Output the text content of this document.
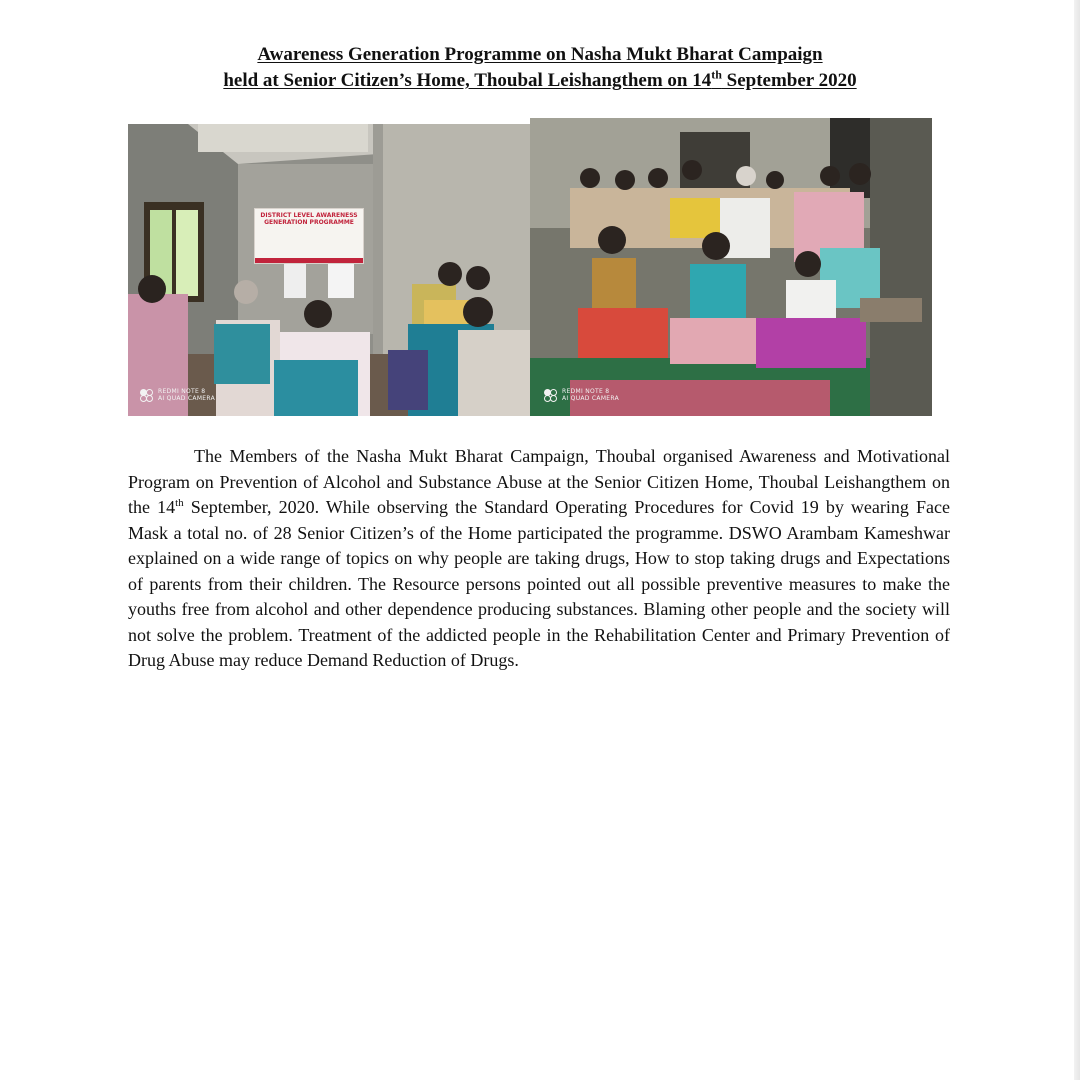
Awareness Generation Programme on Nasha Mukt Bharat Campaign
held at Senior Citizen’s Home, Thoubal Leishangthem on 14th September 2020
DISTRICT LEVEL AWARENESS
GENERATION PROGRAMME
REDMI NOTE 8
AI QUAD CAMERA
REDMI NOTE 8
AI QUAD CAMERA

The Members of the Nasha Mukt Bharat Campaign, Thoubal organised Awareness and Motivational Program on Prevention of Alcohol and Substance Abuse at the Senior Citizen Home, Thoubal Leishangthem on the 14th September, 2020. While observing the Standard Operating Procedures for Covid 19 by wearing Face Mask a total no. of 28 Senior Citizen’s of the Home participated the programme. DSWO Arambam Kameshwar explained on a wide range of topics on why people are taking drugs, How to stop taking drugs and Expectations of parents from their children. The Resource persons pointed out all possible preventive measures to make the youths free from alcohol and other dependence producing substances. Blaming other people and the society will not solve the problem. Treatment of the addicted people in the Rehabilitation Center and Primary Prevention of Drug Abuse may reduce Demand Reduction of Drugs.
